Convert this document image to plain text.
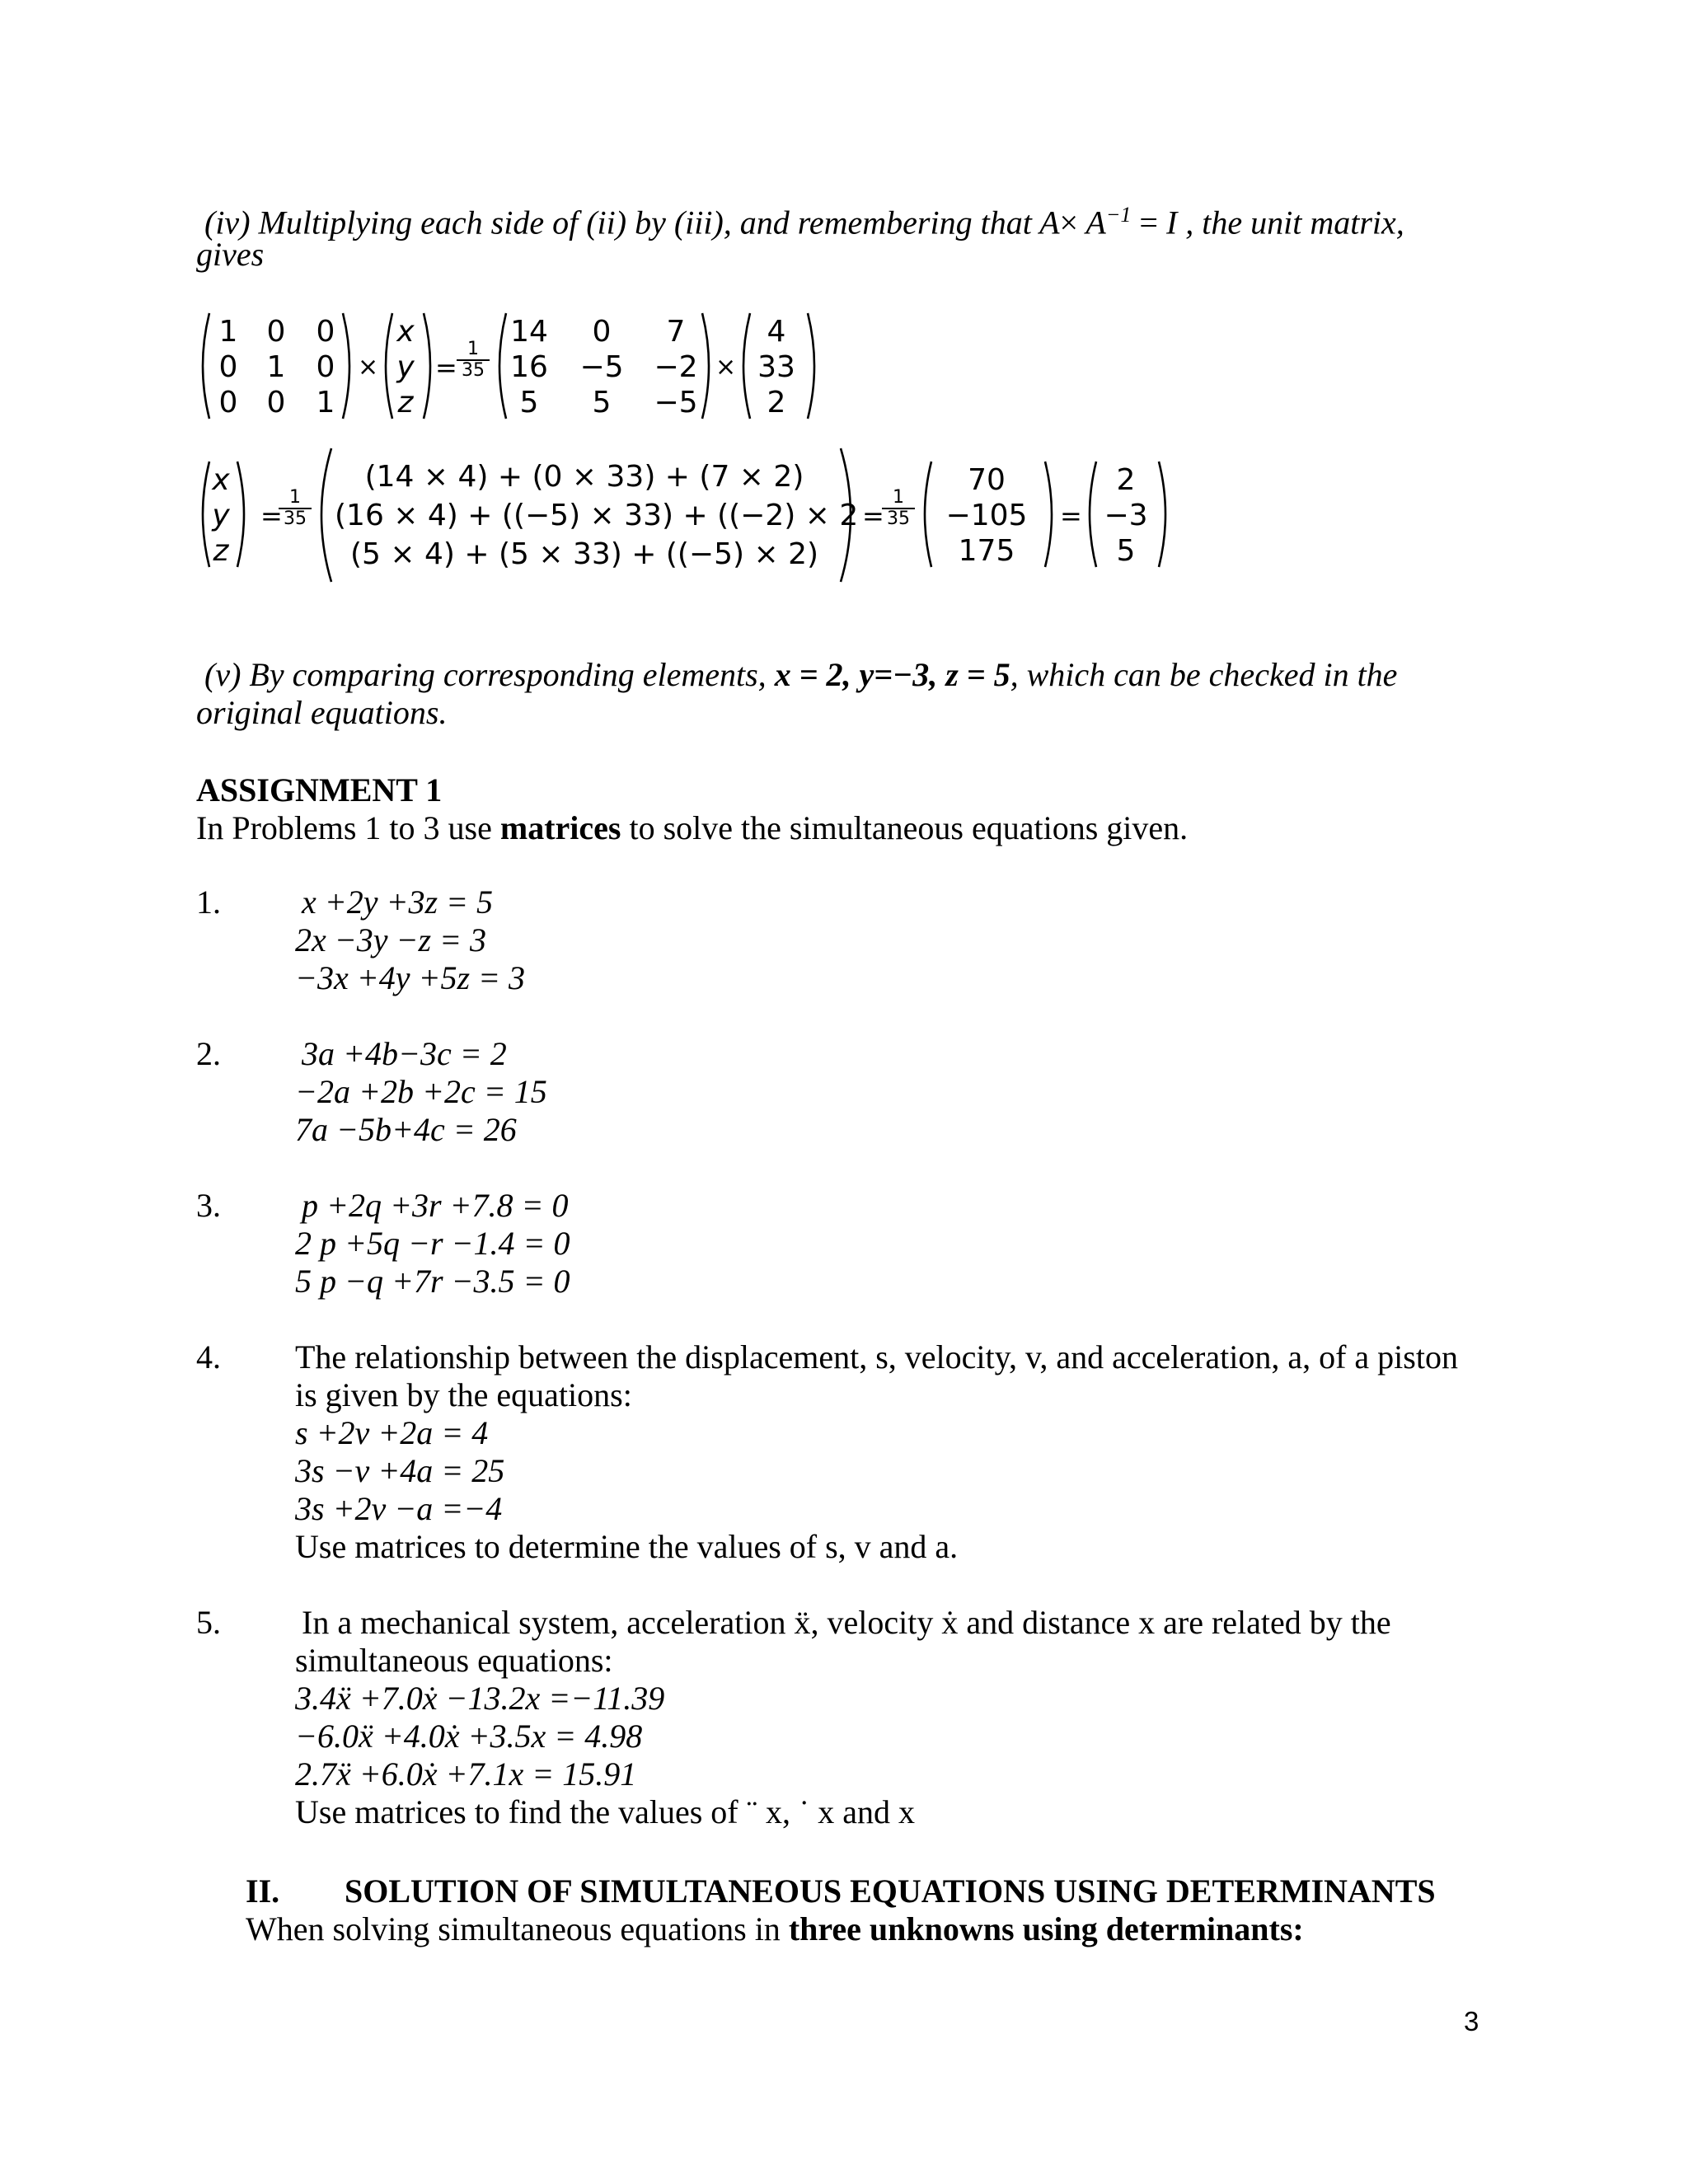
(iv) Multiplying each side of (ii) by (iii), and remembering that $A\times A^{-1} = I$ , the unit matrix,
gives
1 0 0
0 1 0
0 0 1
×
x
y
z
= $\frac{1}{35}$
14	0	7
16 −5 −2
5	5	−5
×
4
33
2
x
y
z
=
$\frac{1}{35}$
(14 × 4) + (0 × 33) + (7 × 2)
(16 × 4) + ((−5) × 33) + ((−2) × 2
(5 × 4) + (5 × 33) + ((−5) × 2)
=
$\frac{1}{35}$
70
−105
175
=
2
−3
5
(v) By comparing corresponding elements, x = 2, y=−3, z = 5, which can be checked in the
original equations.
ASSIGNMENT 1
In Problems 1 to 3 use matrices to solve the simultaneous equations given.
1. x +2y +3z = 5
2x −3y −z = 3
−3x +4y +5z = 3
2. 3a +4b−3c = 2
−2a +2b +2c = 15
7a −5b+4c = 26
3. p +2q +3r +7.8 = 0
2 p +5q −r −1.4 = 0
5 p −q +7r −3.5 = 0
4. The relationship between the displacement, s, velocity, v, and acceleration, a, of a piston
is given by the equations:
s +2v +2a = 4
3s −v +4a = 25
3s +2v −a =−4
Use matrices to determine the values of s, v and a.
5. In a mechanical system, acceleration ẍ, velocity ẋ and distance x are related by the
simultaneous equations:
3.4ẍ +7.0ẋ −13.2x =−11.39
−6.0ẍ +4.0ẋ +3.5x = 4.98
2.7ẍ +6.0ẋ +7.1x = 15.91
Use matrices to find the values of ¨ x, ˙ x and x
II. SOLUTION OF SIMULTANEOUS EQUATIONS USING DETERMINANTS
When solving simultaneous equations in three unknowns using determinants:
3
